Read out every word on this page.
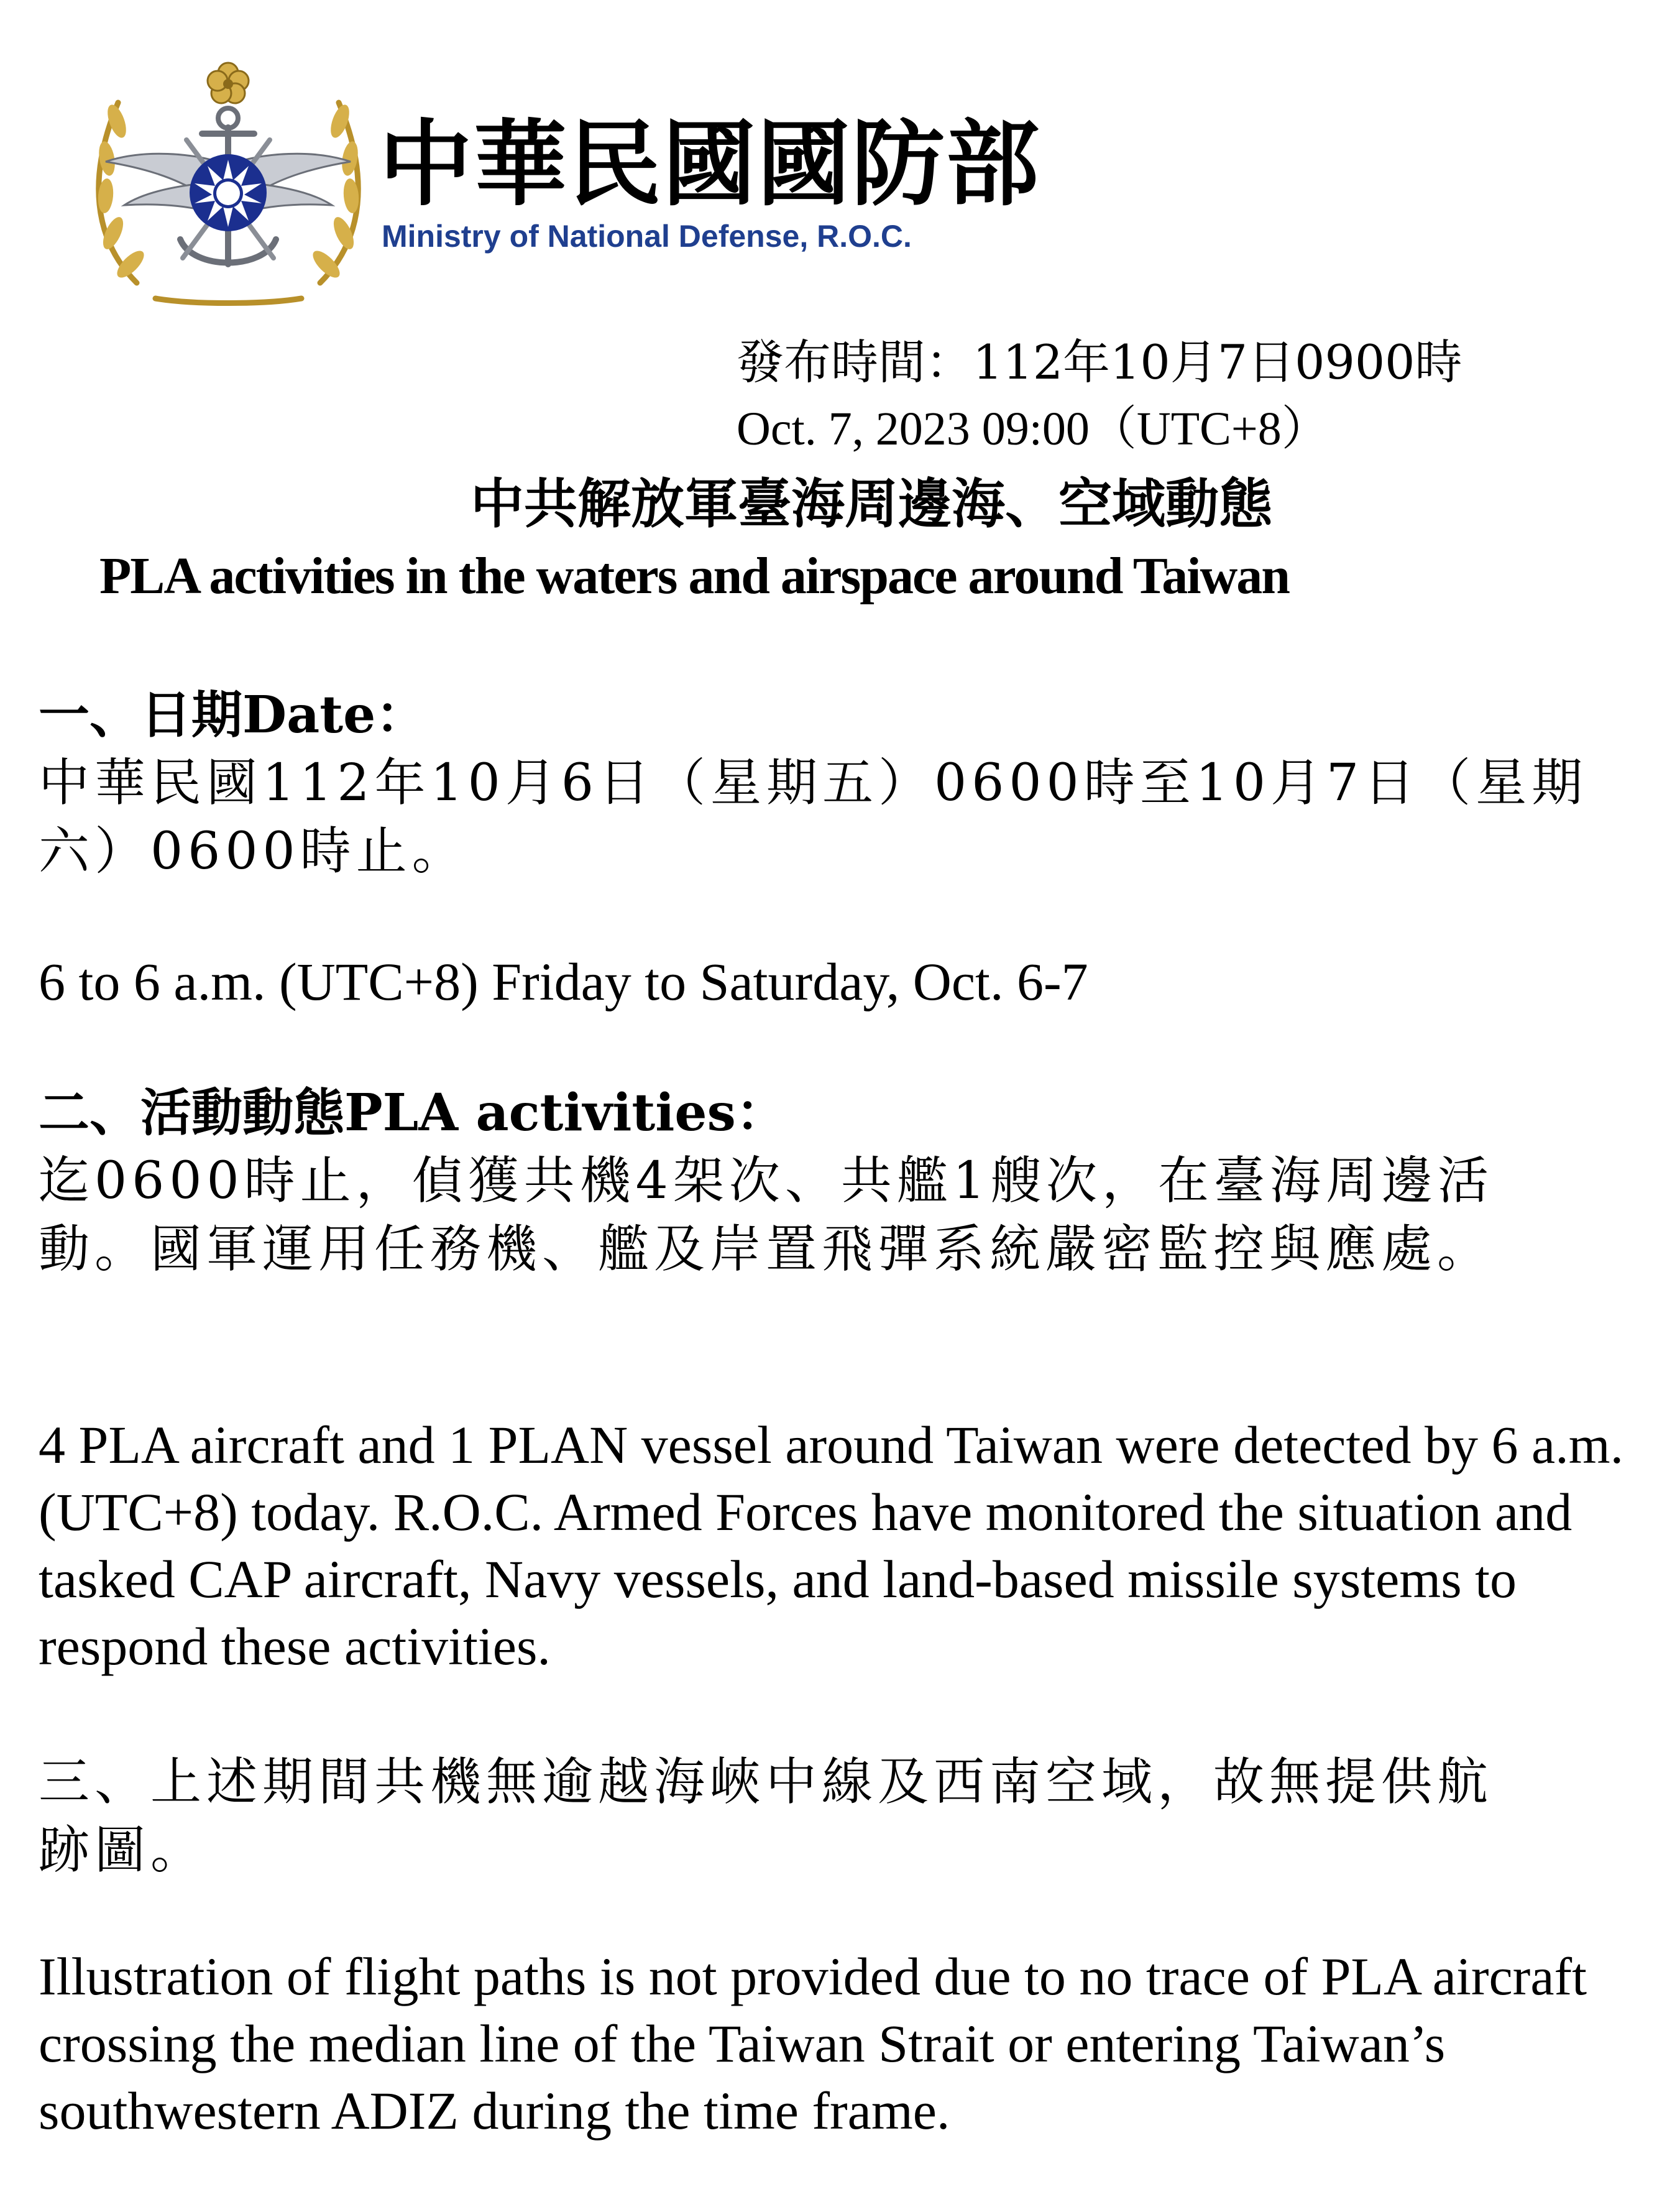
中華民國國防部
Ministry of National Defense, R.O.C.
發布時間：112年10月7日0900時
Oct. 7, 2023 09:00（UTC+8）
中共解放軍臺海周邊海、空域動態
PLA activities in the waters and airspace around Taiwan
一、日期Date：
中華民國112年10月6日（星期五）0600時至10月7日（星期六）0600時止。
6 to 6 a.m. (UTC+8) Friday to Saturday, Oct. 6-7
二、活動動態PLA activities：
迄0600時止，偵獲共機4架次、共艦1艘次，在臺海周邊活動。國軍運用任務機、艦及岸置飛彈系統嚴密監控與應處。
4 PLA aircraft and 1 PLAN vessel around Taiwan were detected by 6 a.m.(UTC+8) today. R.O.C. Armed Forces have monitored the situation and tasked CAP aircraft, Navy vessels, and land-based missile systems to respond these activities.
三、上述期間共機無逾越海峽中線及西南空域，故無提供航跡圖。
Illustration of flight paths is not provided due to no trace of PLA aircraft crossing the median line of the Taiwan Strait or entering Taiwan’s southwestern ADIZ during the time frame.
